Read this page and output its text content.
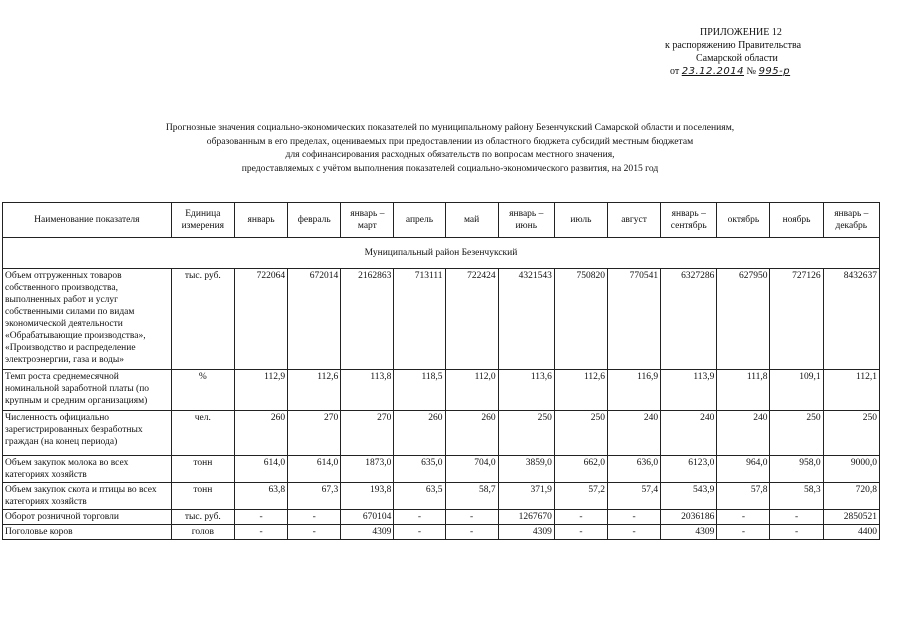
ПРИЛОЖЕНИЕ 12
к распоряжению Правительства
Самарской области
от 23.12.2014 № 995-р
Прогнозные значения социально-экономических показателей по муниципальному району Безенчукский Самарской области и поселениям,
образованным в его пределах, оцениваемых при предоставлении из областного бюджета субсидий местным бюджетам
для софинансирования расходных обязательств по вопросам местного значения,
предоставляемых с учётом выполнения показателей социально-экономического развития, на 2015 год
Наименование показателя	Единица измерения	январь	февраль	январь – март	апрель	май	январь – июнь	июль	август	январь – сентябрь	октябрь	ноябрь	январь – декабрь
Муниципальный район Безенчукский													
Объем отгруженных товаров собственного производства, выполненных работ и услуг собственными силами по видам экономической деятельности «Обрабатывающие производства», «Производство и распределение электроэнергии, газа и воды»	тыс. руб.	722064	672014	2162863	713111	722424	4321543	750820	770541	6327286	627950	727126	8432637
Темп роста среднемесячной номинальной заработной платы (по крупным и средним организациям)	%	112,9	112,6	113,8	118,5	112,0	113,6	112,6	116,9	113,9	111,8	109,1	112,1
Численность официально зарегистрированных безработных граждан (на конец периода)	чел.	260	270	270	260	260	250	250	240	240	240	250	250
Объем закупок молока во всех категориях хозяйств	тонн	614,0	614,0	1873,0	635,0	704,0	3859,0	662,0	636,0	6123,0	964,0	958,0	9000,0
Объем закупок скота и птицы во всех категориях хозяйств	тонн	63,8	67,3	193,8	63,5	58,7	371,9	57,2	57,4	543,9	57,8	58,3	720,8
Оборот розничной торговли	тыс. руб.	-	-	670104	-	-	1267670	-	-	2036186	-	-	2850521
Поголовье коров	голов	-	-	4309	-	-	4309	-	-	4309	-	-	4400
